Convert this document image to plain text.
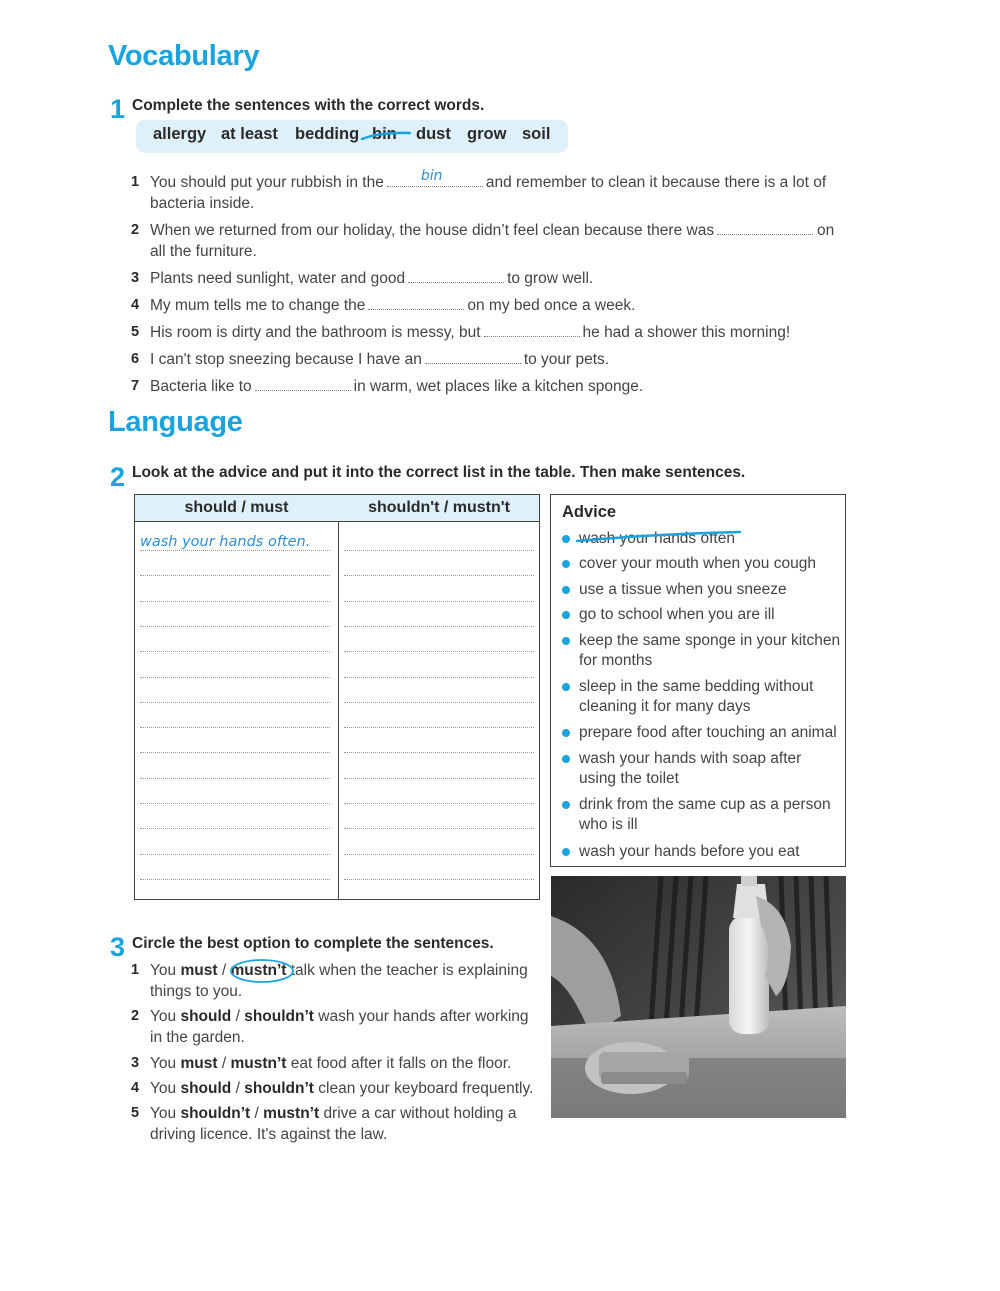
Vocabulary
1 Complete the sentences with the correct words.
allergy at least bedding bin dust grow soil
1 You should put your rubbish in the	bin	and remember to clean it because there is a lot of
bacteria inside.
2 When we returned from our holiday, the house didn’t feel clean because there was	on
all the furniture.
3 Plants need sunlight, water and good	to grow well.
4 My mum tells me to change the	on my bed once a week.
5 His room is dirty and the bathroom is messy, but	he had a shower this morning!
6 I can't stop sneezing because I have an	to your pets.
7 Bacteria like to	in warm, wet places like a kitchen sponge.
Language
2 Look at the advice and put it into the correct list in the table. Then make sentences.
should / must	shouldn't / mustn't
wash your hands often.
Advice
wash your hands often
cover your mouth when you cough
use a tissue when you sneeze
go to school when you are ill
keep the same sponge in your kitchen for months
sleep in the same bedding without cleaning it for many days
prepare food after touching an animal
wash your hands with soap after using the toilet
drink from the same cup as a person who is ill
wash your hands before you eat
3 Circle the best option to complete the sentences.
1 You must / mustn’t talk when the teacher is explaining
things to you.
2 You should / shouldn’t wash your hands after working
in the garden.
3 You must / mustn’t eat food after it falls on the floor.
4 You should / shouldn’t clean your keyboard frequently.
5 You shouldn’t / mustn’t drive a car without holding a
driving licence. It's against the law.
